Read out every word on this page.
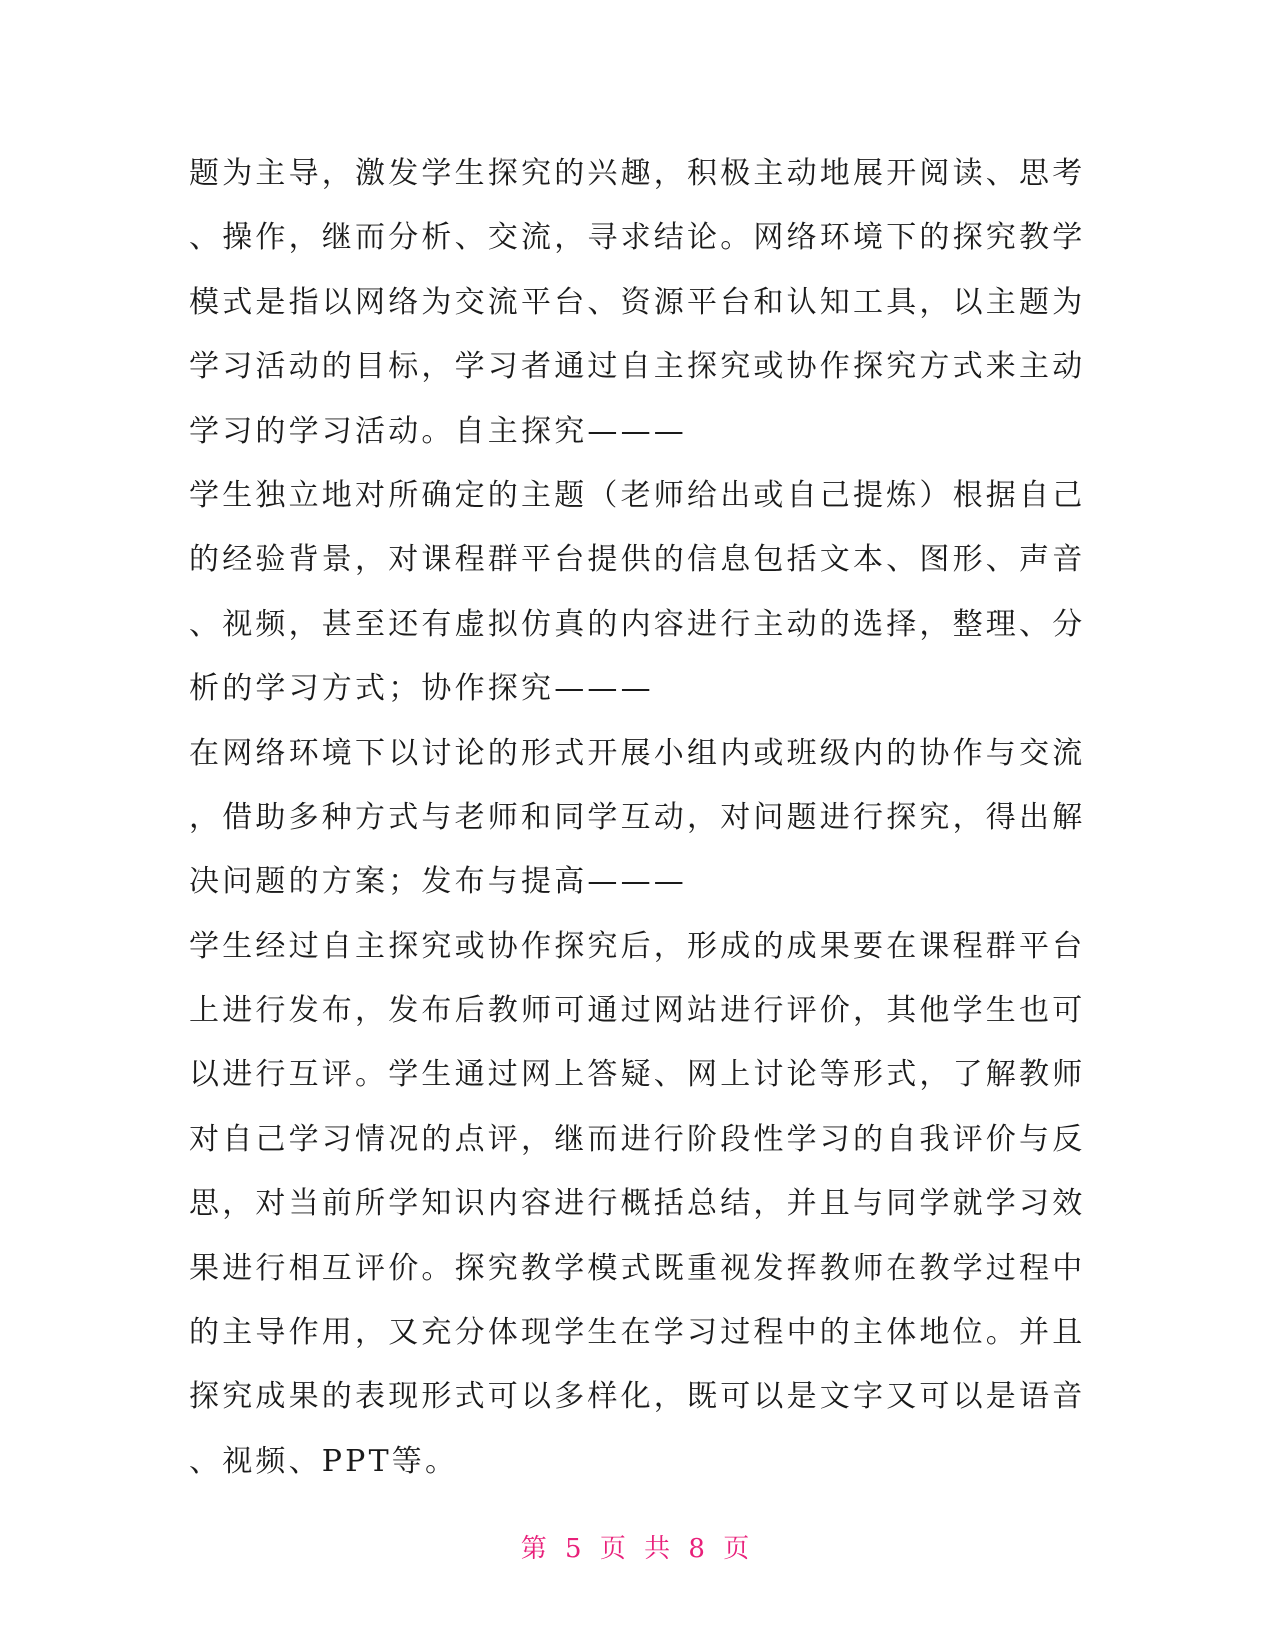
题为主导，激发学生探究的兴趣，积极主动地展开阅读、思考
、操作，继而分析、交流，寻求结论。网络环境下的探究教学
模式是指以网络为交流平台、资源平台和认知工具，以主题为
学习活动的目标，学习者通过自主探究或协作探究方式来主动
学习的学习活动。自主探究———
学生独立地对所确定的主题（老师给出或自己提炼）根据自己
的经验背景，对课程群平台提供的信息包括文本、图形、声音
、视频，甚至还有虚拟仿真的内容进行主动的选择，整理、分
析的学习方式；协作探究———
在网络环境下以讨论的形式开展小组内或班级内的协作与交流
，借助多种方式与老师和同学互动，对问题进行探究，得出解
决问题的方案；发布与提高———
学生经过自主探究或协作探究后，形成的成果要在课程群平台
上进行发布，发布后教师可通过网站进行评价，其他学生也可
以进行互评。学生通过网上答疑、网上讨论等形式，了解教师
对自己学习情况的点评，继而进行阶段性学习的自我评价与反
思，对当前所学知识内容进行概括总结，并且与同学就学习效
果进行相互评价。探究教学模式既重视发挥教师在教学过程中
的主导作用，又充分体现学生在学习过程中的主体地位。并且
探究成果的表现形式可以多样化，既可以是文字又可以是语音
、视频、PPT等。
第 5 页 共 8 页
